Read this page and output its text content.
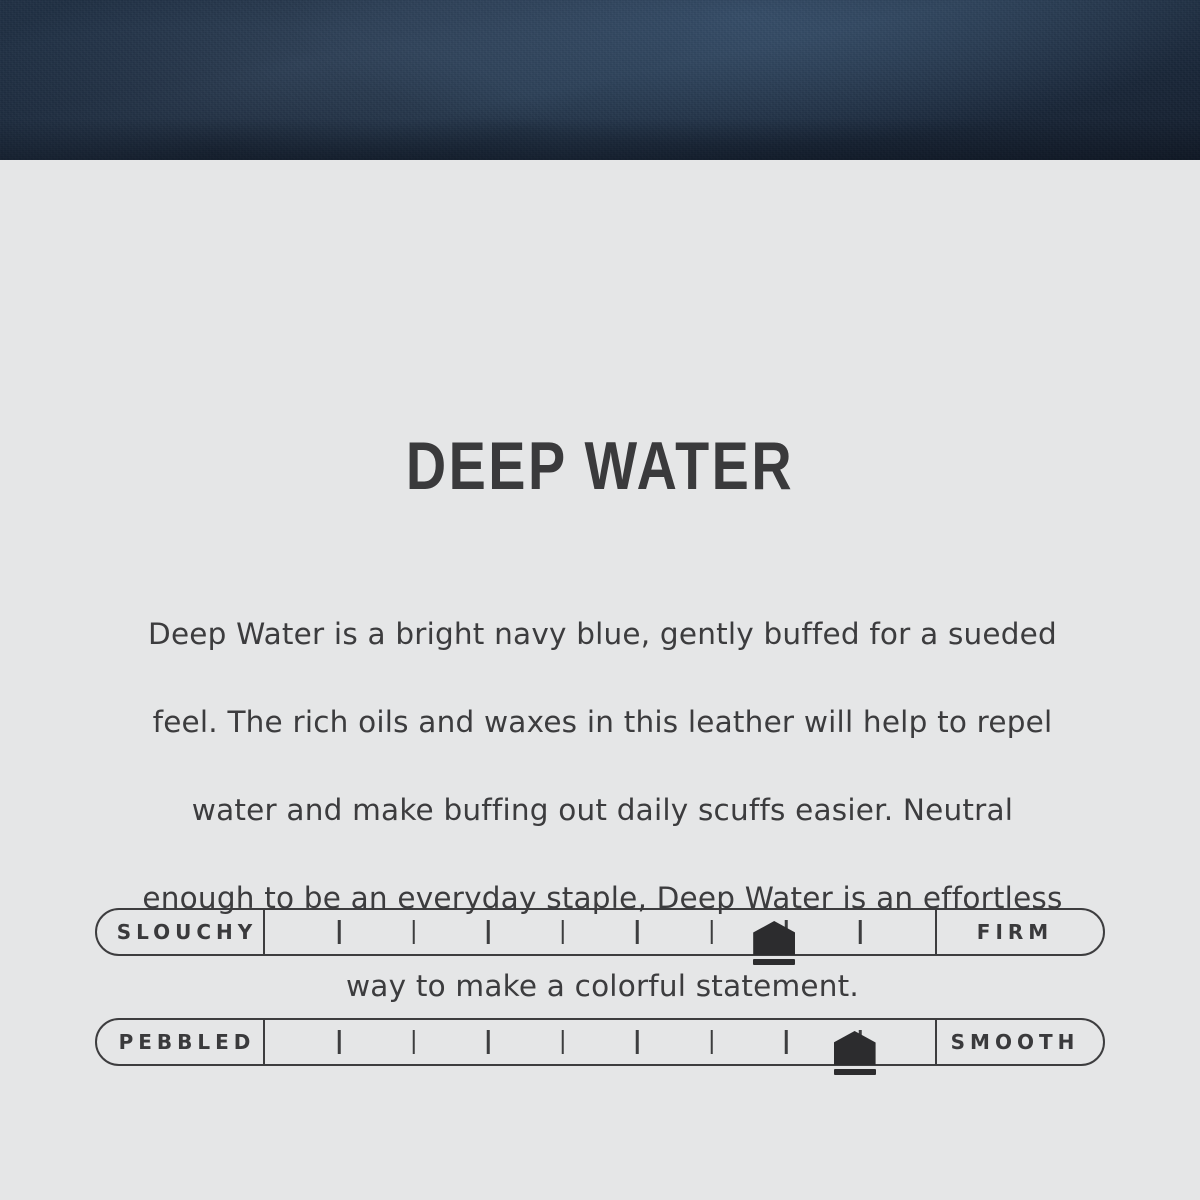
DEEP WATER
Deep Water is a bright navy blue, gently buffed for a sueded feel. The rich oils and waxes in this leather will help to repel water and make buffing out daily scuffs easier. Neutral enough to be an everyday staple, Deep Water is an effortless way to make a colorful statement.
SLOUCHY	FIRM
PEBBLED	SMOOTH
